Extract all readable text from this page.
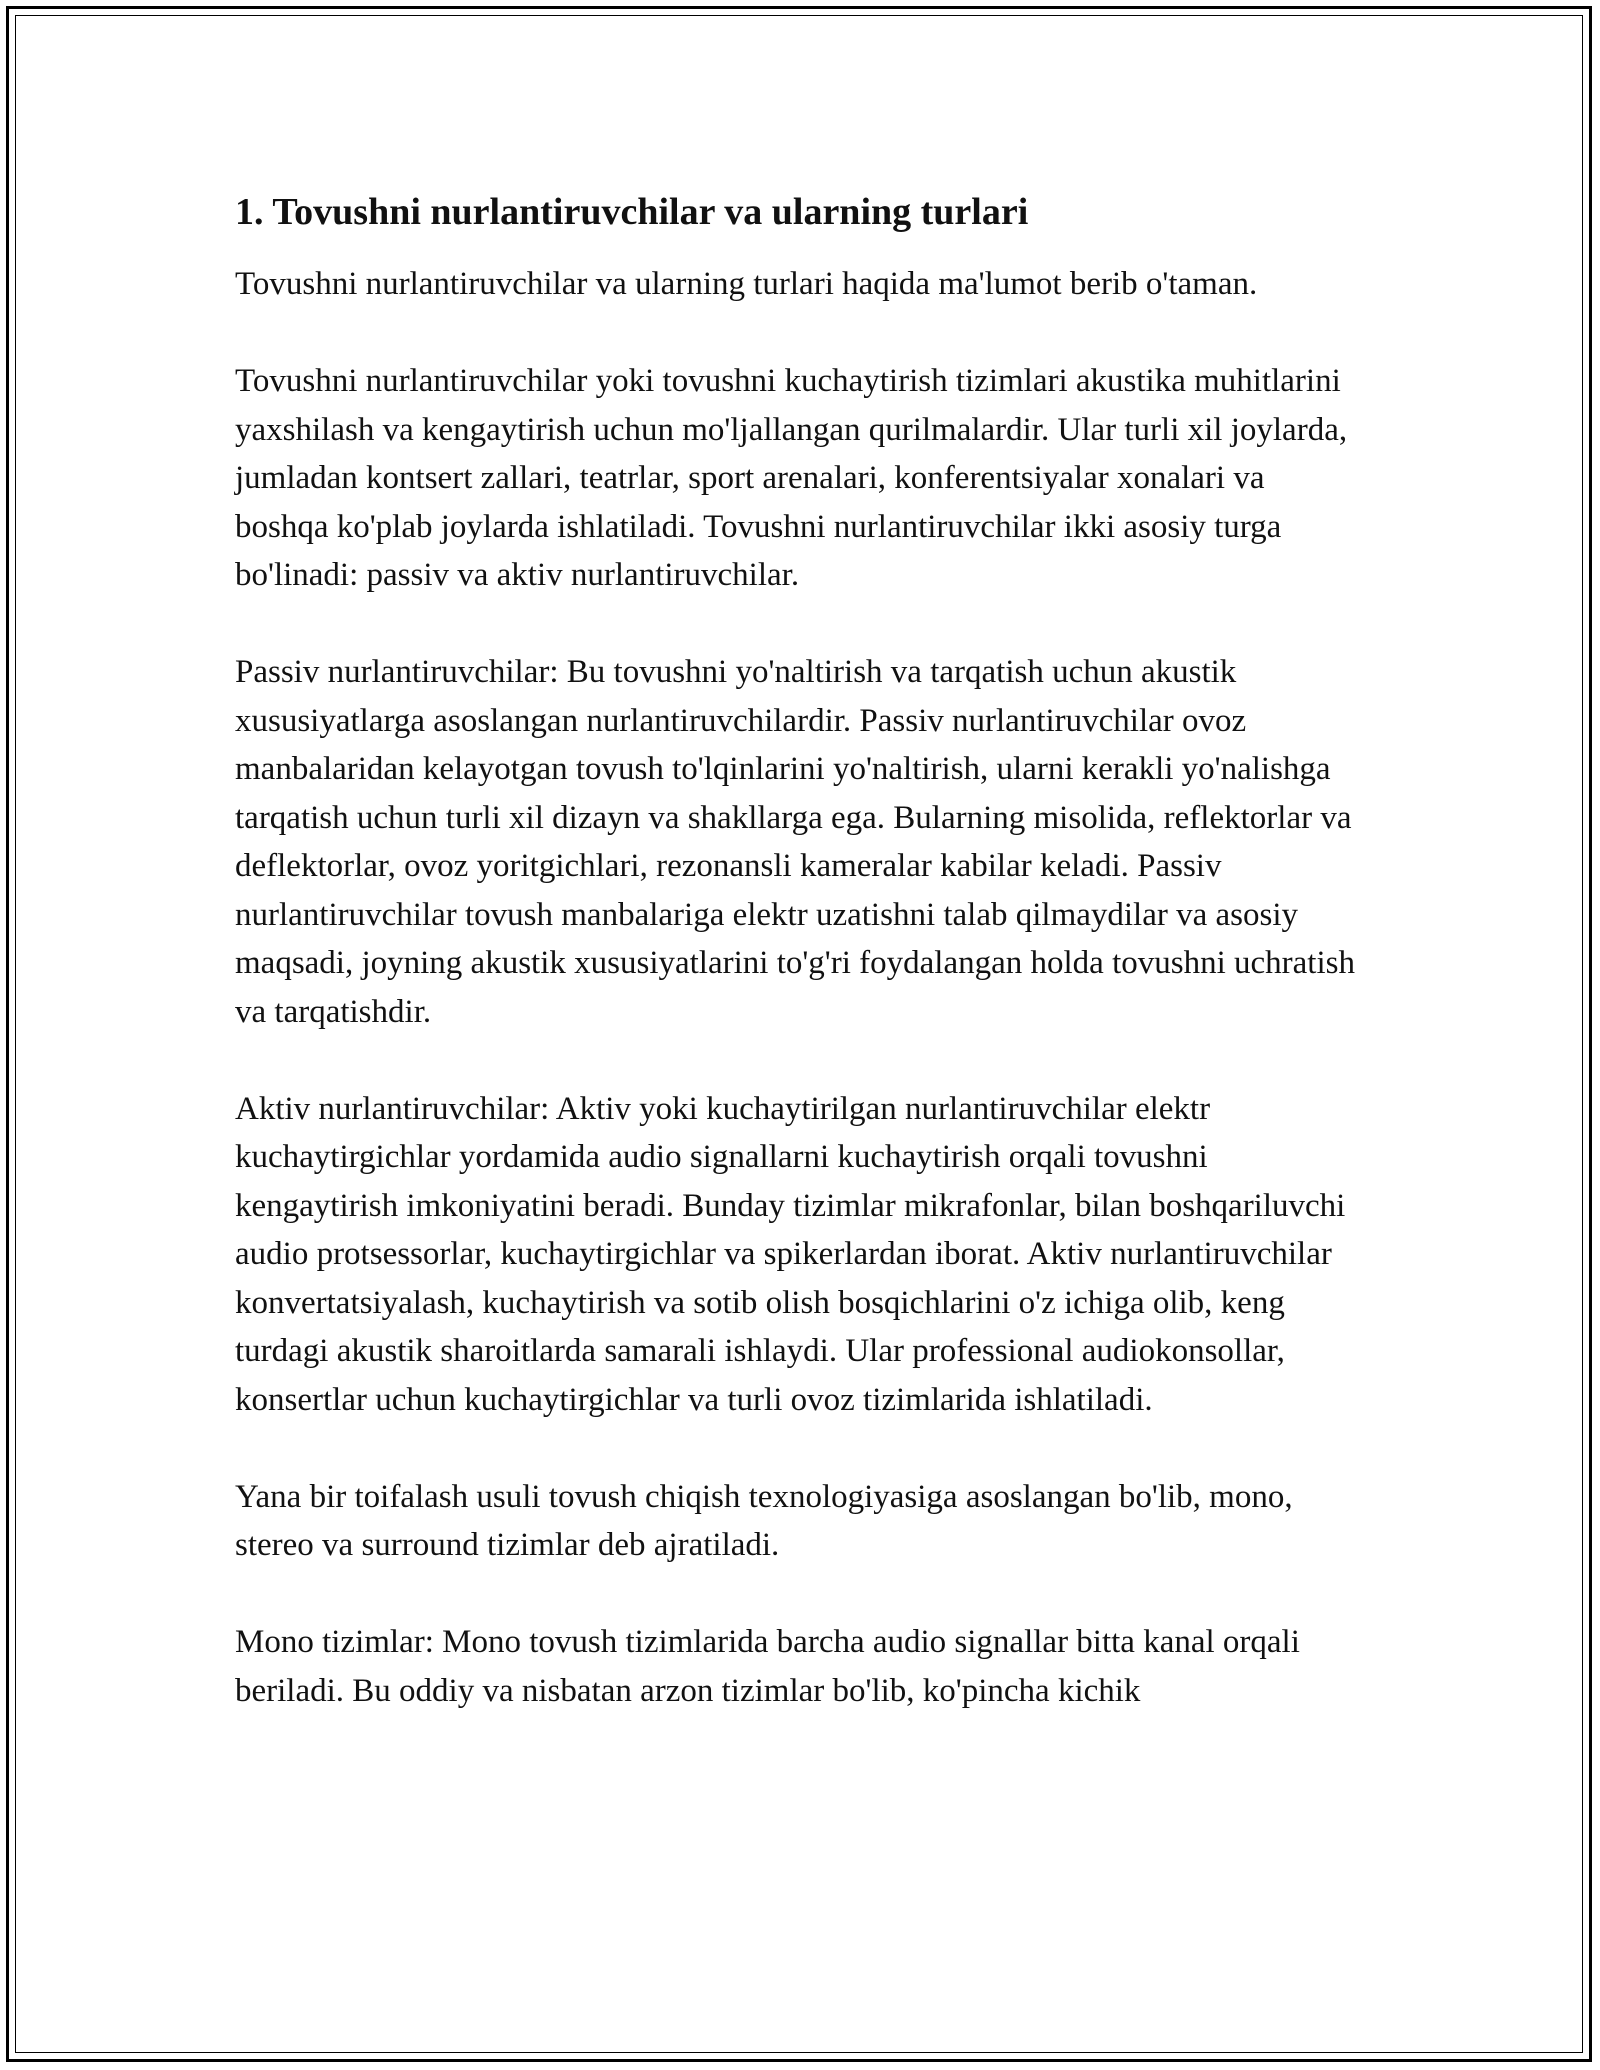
1. Tovushni nurlantiruvchilar va ularning turlari

Tovushni nurlantiruvchilar va ularning turlari haqida ma'lumot berib o'taman.

Tovushni nurlantiruvchilar yoki tovushni kuchaytirish tizimlari akustika muhitlarini yaxshilash va kengaytirish uchun mo'ljallangan qurilmalardir. Ular turli xil joylarda, jumladan kontsert zallari, teatrlar, sport arenalari, konferentsiyalar xonalari va boshqa ko'plab joylarda ishlatiladi. Tovushni nurlantiruvchilar ikki asosiy turga bo'linadi: passiv va aktiv nurlantiruvchilar.

Passiv nurlantiruvchilar: Bu tovushni yo'naltirish va tarqatish uchun akustik xususiyatlarga asoslangan nurlantiruvchilardir. Passiv nurlantiruvchilar ovoz manbalaridan kelayotgan tovush to'lqinlarini yo'naltirish, ularni kerakli yo'nalishga tarqatish uchun turli xil dizayn va shakllarga ega. Bularning misolida, reflektorlar va deflektorlar, ovoz yoritgichlari, rezonansli kameralar kabilar keladi. Passiv nurlantiruvchilar tovush manbalariga elektr uzatishni talab qilmaydilar va asosiy maqsadi, joyning akustik xususiyatlarini to'g'ri foydalangan holda tovushni uchratish va tarqatishdir.

Aktiv nurlantiruvchilar: Aktiv yoki kuchaytirilgan nurlantiruvchilar elektr kuchaytirgichlar yordamida audio signallarni kuchaytirish orqali tovushni kengaytirish imkoniyatini beradi. Bunday tizimlar mikrafonlar, bilan boshqariluvchi audio protsessorlar, kuchaytirgichlar va spikerlardan iborat. Aktiv nurlantiruvchilar konvertatsiyalash, kuchaytirish va sotib olish bosqichlarini o'z ichiga olib, keng turdagi akustik sharoitlarda samarali ishlaydi. Ular professional audiokonsollar, konsertlar uchun kuchaytirgichlar va turli ovoz tizimlarida ishlatiladi.

Yana bir toifalash usuli tovush chiqish texnologiyasiga asoslangan bo'lib, mono, stereo va surround tizimlar deb ajratiladi.

Mono tizimlar: Mono tovush tizimlarida barcha audio signallar bitta kanal orqali beriladi. Bu oddiy va nisbatan arzon tizimlar bo'lib, ko'pincha kichik
